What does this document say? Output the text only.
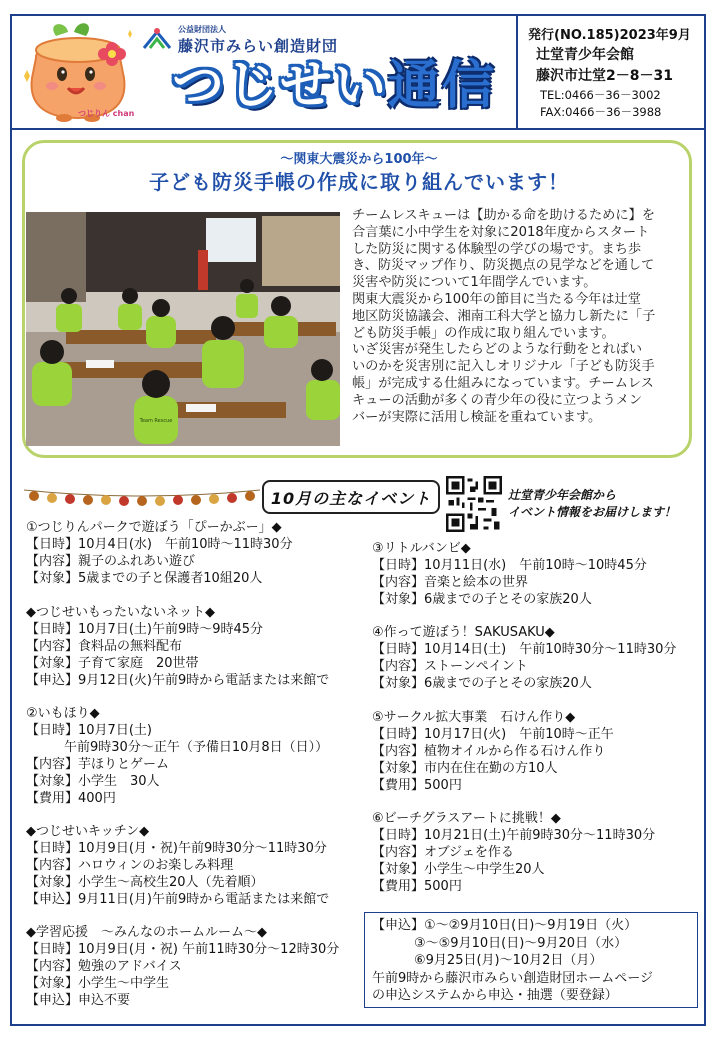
つじりん chan
公益財団法人
藤沢市みらい創造財団
つじせい通信
発行(NO.185)2023年9月
辻堂青少年会館
藤沢市辻堂2－8－31
TEL:0466－36－3002
FAX:0466－36－3988
～関東大震災から100年～
子ども防災手帳の作成に取り組んでいます！
Team Rescue

チームレスキューは【助かる命を助けるために】を

合言葉に小中学生を対象に2018年度からスタート

した防災に関する体験型の学びの場です。まち歩

き、防災マップ作り、防災拠点の見学などを通して

災害や防災について1年間学んでいます。

関東大震災から100年の節目に当たる今年は辻堂

地区防災協議会、湘南工科大学と協力し新たに「子

ども防災手帳」の作成に取り組んでいます。

いざ災害が発生したらどのような行動をとればい

いのかを災害別に記入しオリジナル「子ども防災手

帳」が完成する仕組みになっています。チームレス

キューの活動が多くの青少年の役に立つようメン

バーが実際に活用し検証を重ねています。

10月の主なイベント	辻堂青少年会館から
イベント情報をお届けします！
①つじりんパークで遊ぼう「ぴーかぶー」◆
【日時】10月4日(水)　午前10時～11時30分
【内容】親子のふれあい遊び
【対象】5歳までの子と保護者10組20人
◆つじせいもったいないネット◆
【日時】10月7日(土)午前9時～9時45分
【内容】食料品の無料配布
【対象】子育て家庭　20世帯
【申込】9月12日(火)午前9時から電話または来館で
②いもほり◆
【日時】10月7日(土)
午前9時30分～正午（予備日10月8日（日））
【内容】芋ほりとゲーム
【対象】小学生　30人
【費用】400円
◆つじせいキッチン◆
【日時】10月9日(月・祝)午前9時30分～11時30分
【内容】ハロウィンのお楽しみ料理
【対象】小学生～高校生20人（先着順）
【申込】9月11日(月)午前9時から電話または来館で
◆学習応援　～みんなのホームルーム～◆
【日時】10月9日(月・祝) 午前11時30分～12時30分
【内容】勉強のアドバイス
【対象】小学生～中学生
【申込】申込不要
③リトルバンビ◆
【日時】10月11日(水)　午前10時～10時45分
【内容】音楽と絵本の世界
【対象】6歳までの子とその家族20人
④作って遊ぼう！SAKUSAKU◆
【日時】10月14日(土)　午前10時30分～11時30分
【内容】ストーンペイント
【対象】6歳までの子とその家族20人
⑤サークル拡大事業　石けん作り◆
【日時】10月17日(火)　午前10時～正午
【内容】植物オイルから作る石けん作り
【対象】市内在住在勤の方10人
【費用】500円
⑥ビーチグラスアートに挑戦！◆
【日時】10月21日(土)午前9時30分～11時30分
【内容】オブジェを作る
【対象】小学生～中学生20人
【費用】500円
【申込】①～②9月10日(日)～9月19日（火）
③～⑤9月10日(日)～9月20日（水）
⑥9月25日(月)～10月2日（月）
午前9時から藤沢市みらい創造財団ホームページ
の申込システムから申込・抽選（要登録）
